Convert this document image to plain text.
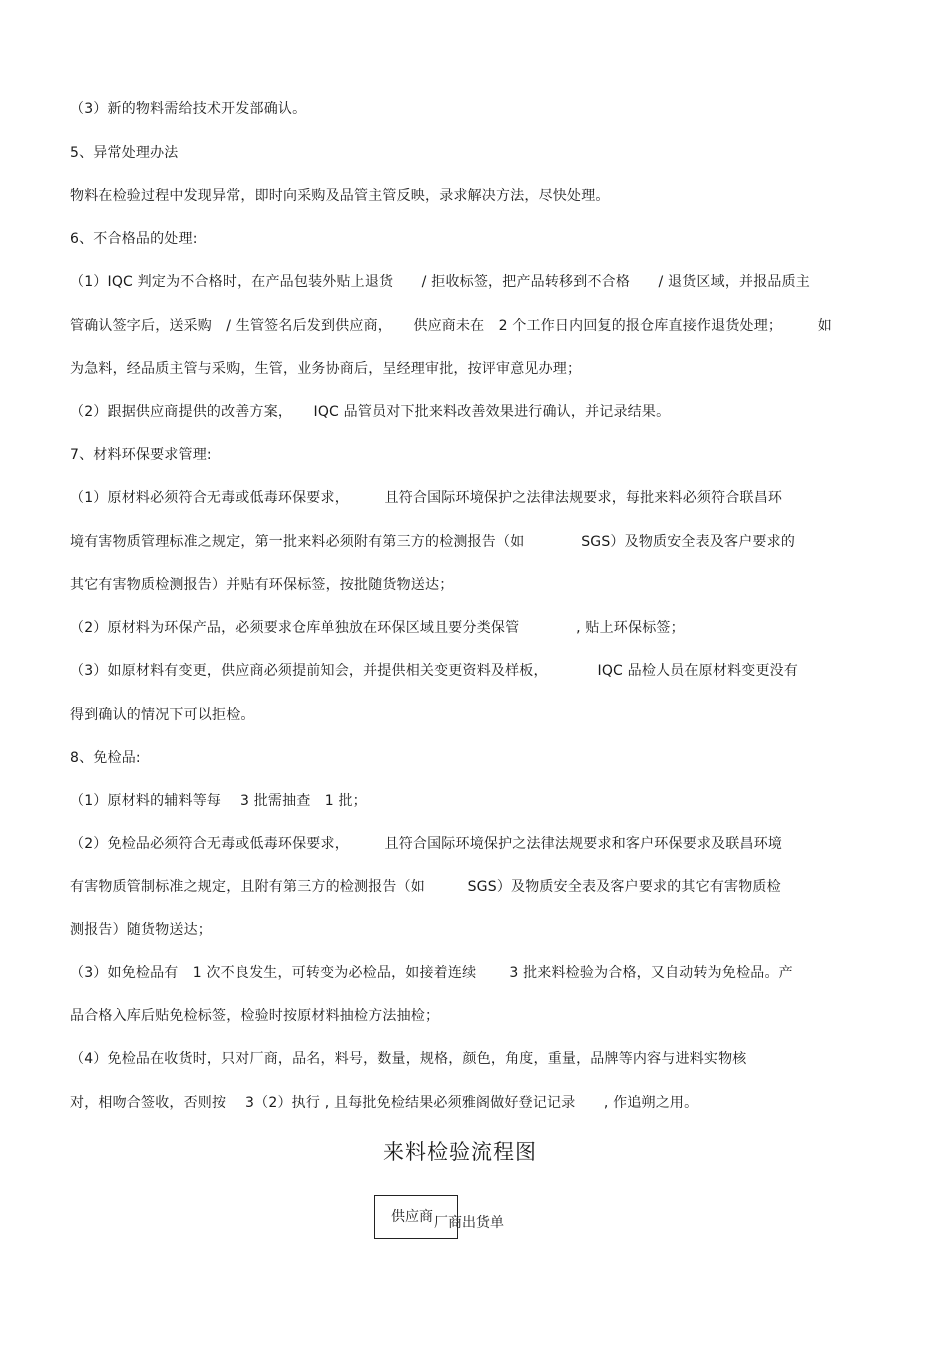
（3）新的物料需给技术开发部确认。
5、异常处理办法
物料在检验过程中发现异常，即时向采购及品管主管反映，录求解决方法，尽快处理。
6、不合格品的处理:
（1）IQC 判定为不合格时，在产品包装外贴上退货　　/ 拒收标签，把产品转移到不合格　　/ 退货区域，并报品质主
管确认签字后，送采购　/ 生管签名后发到供应商，　　供应商未在　2 个工作日内回复的报仓库直接作退货处理；　　　如
为急料，经品质主管与采购，生管，业务协商后，呈经理审批，按评审意见办理；
（2）跟据供应商提供的改善方案，　　IQC 品管员对下批来料改善效果进行确认，并记录结果。
7、材料环保要求管理:
（1）原材料必须符合无毒或低毒环保要求，　　　且符合国际环境保护之法律法规要求，每批来料必须符合联昌环
境有害物质管理标准之规定，第一批来料必须附有第三方的检测报告（如　　　　SGS）及物质安全表及客户要求的
其它有害物质检测报告）并贴有环保标签，按批随货物送达；
（2）原材料为环保产品，必须要求仓库单独放在环保区域且要分类保管　　　　, 贴上环保标签；
（3）如原材料有变更，供应商必须提前知会，并提供相关变更资料及样板，　　　　IQC 品检人员在原材料变更没有
得到确认的情况下可以拒检。
8、免检品:
（1）原材料的辅料等每　 3 批需抽查　1 批；
（2）免检品必须符合无毒或低毒环保要求，　　　且符合国际环境保护之法律法规要求和客户环保要求及联昌环境
有害物质管制标准之规定，且附有第三方的检测报告（如　　　SGS）及物质安全表及客户要求的其它有害物质检
测报告）随货物送达；
（3）如免检品有　1 次不良发生，可转变为必检品，如接着连续　　 3 批来料检验为合格，又自动转为免检品。产
品合格入库后贴免检标签，检验时按原材料抽检方法抽检；
（4）免检品在收货时，只对厂商，品名，料号，数量，规格，颜色，角度，重量，品牌等内容与进料实物核
对，相吻合签收，否则按　 3（2）执行 , 且每批免检结果必须雅阁做好登记记录　　, 作追朔之用。
来料检验流程图
供应商 厂商出货单
